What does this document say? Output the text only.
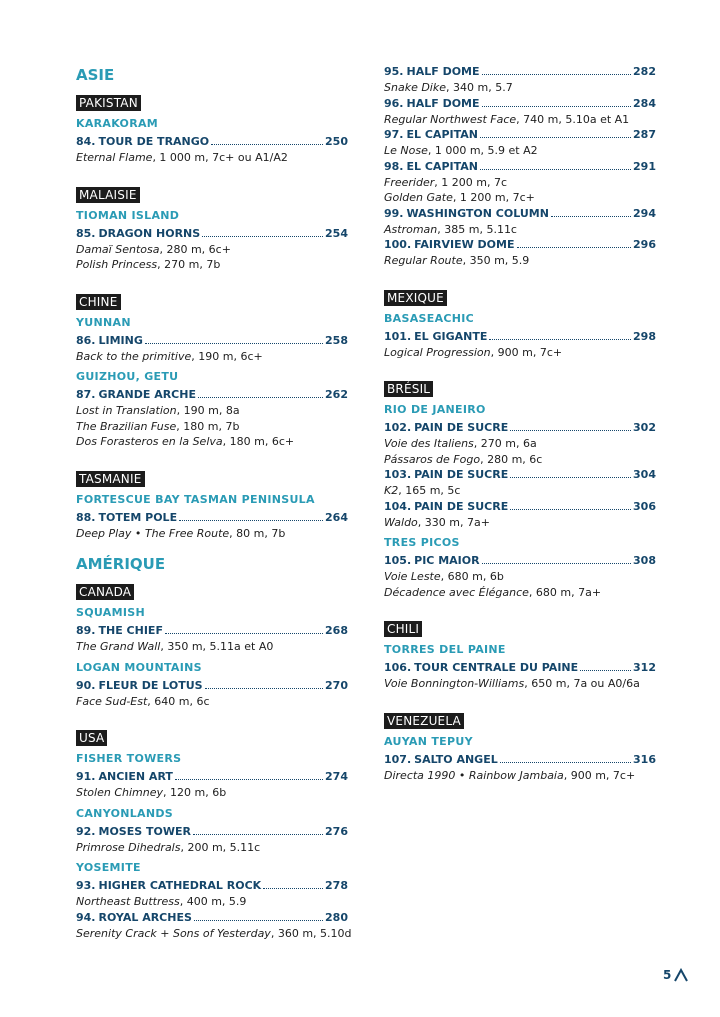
ASIE
PAKISTAN
KARAKORAM
84. TOUR DE TRANGO	250
Eternal Flame, 1 000 m, 7c+ ou A1/A2
MALAISIE
TIOMAN ISLAND
85. DRAGON HORNS	254
Damaï Sentosa, 280 m, 6c+
Polish Princess, 270 m, 7b
CHINE
YUNNAN
86. LIMING	258
Back to the primitive, 190 m, 6c+
GUIZHOU, GETU
87. GRANDE ARCHE	262
Lost in Translation, 190 m, 8a
The Brazilian Fuse, 180 m, 7b
Dos Forasteros en la Selva, 180 m, 6c+
TASMANIE
FORTESCUE BAY TASMAN PENINSULA
88. TOTEM POLE	264
Deep Play • The Free Route, 80 m, 7b
AMÉRIQUE
CANADA
SQUAMISH
89. THE CHIEF	268
The Grand Wall, 350 m, 5.11a et A0
LOGAN MOUNTAINS
90. FLEUR DE LOTUS	270
Face Sud-Est, 640 m, 6c
USA
FISHER TOWERS
91. ANCIEN ART	274
Stolen Chimney, 120 m, 6b
CANYONLANDS
92. MOSES TOWER	276
Primrose Dihedrals, 200 m, 5.11c
YOSEMITE
93. HIGHER CATHEDRAL ROCK	278
Northeast Buttress, 400 m, 5.9
94. ROYAL ARCHES	280
Serenity Crack + Sons of Yesterday, 360 m, 5.10d
95. HALF DOME	282
Snake Dike, 340 m, 5.7
96. HALF DOME	284
Regular Northwest Face, 740 m, 5.10a et A1
97. EL CAPITAN	287
Le Nose, 1 000 m, 5.9 et A2
98. EL CAPITAN	291
Freerider, 1 200 m, 7c
Golden Gate, 1 200 m, 7c+
99. WASHINGTON COLUMN	294
Astroman, 385 m, 5.11c
100. FAIRVIEW DOME	296
Regular Route, 350 m, 5.9
MEXIQUE
BASASEACHIC
101. EL GIGANTE	298
Logical Progression, 900 m, 7c+
BRÉSIL
RIO DE JANEIRO
102. PAIN DE SUCRE	302
Voie des Italiens, 270 m, 6a
Pássaros de Fogo, 280 m, 6c
103. PAIN DE SUCRE	304
K2, 165 m, 5c
104. PAIN DE SUCRE	306
Waldo, 330 m, 7a+
TRES PICOS
105. PIC MAIOR	308
Voie Leste, 680 m, 6b
Décadence avec Élégance, 680 m, 7a+
CHILI
TORRES DEL PAINE
106. TOUR CENTRALE DU PAINE	312
Voie Bonnington-Williams, 650 m, 7a ou A0/6a
VENEZUELA
AUYAN TEPUY
107. SALTO ANGEL	316
Directa 1990 • Rainbow Jambaia, 900 m, 7c+
5
